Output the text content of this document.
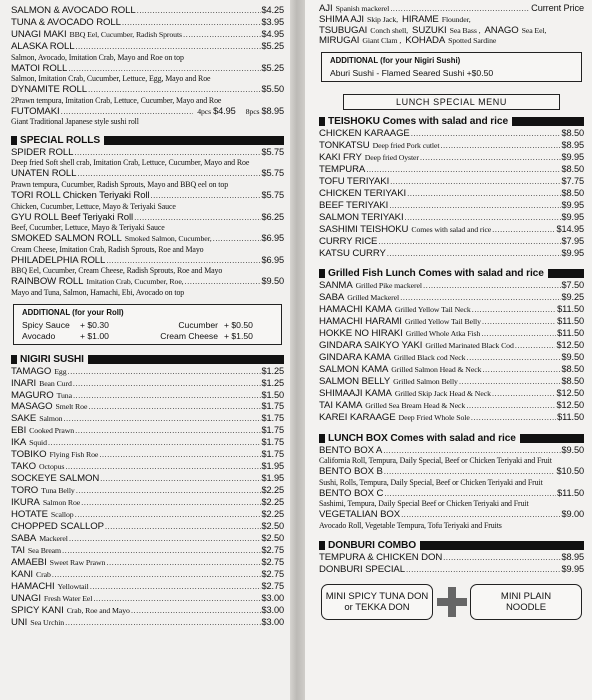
SALMON & AVOCADO ROLL .....	$4.25
TUNA & AVOCADO ROLL .....	$3.95
UNAGI MAKI BBQ Eel, Cucumber, Radish Sprouts .....	$4.95
ALASKA ROLL .....	$5.25
Salmon, Avocado, Imitation Crab, Mayo and Roe on top
MATOI ROLL .....	$5.25
Salmon, Imitation Crab, Cucumber, Lettuce, Egg, Mayo and Roe
DYNAMITE ROLL .....	$5.50
2Prawn tempura, Imitation Crab, Lettuce, Cucumber, Mayo and Roe
FUTOMAKI .....	4pcs $4.95 8pcs $8.95
Giant Traditional Japanese style sushi roll
SPECIAL ROLLS
SPIDER ROLL .....	$5.75
Deep fried Soft shell crab, Imitation Crab, Lettuce, Cucumber, Mayo and Roe
UNATEN ROLL .....	$5.75
Prawn tempura, Cucumber, Radish Sprouts, Mayo and BBQ eel on top
TORI ROLL Chicken Teriyaki Roll .....	$5.75
Chicken, Cucumber, Lettuce, Mayo & Teriyaki Sauce
GYU ROLL Beef Teriyaki Roll .....	$6.25
Beef, Cucumber, Lettuce, Mayo & Teriyaki Sauce
SMOKED SALMON ROLL Smoked Salmon, Cucumber, .....	$6.95
Cream Cheese, Imitation Crab, Radish Sprouts, Roe and Mayo
PHILADELPHIA ROLL .....	$6.95
BBQ Eel, Cucumber, Cream Cheese, Radish Sprouts, Roe and Mayo
RAINBOW ROLL Imitation Crab, Cucumber, Roe, .....	$9.50
Mayo and Tuna, Salmon, Hamachi, Ebi, Avocado on top
ADDITIONAL (for your Roll)
Spicy Sauce	+ $0.30	Cucumber + $0.50
Avocado	+ $1.00	Cream Cheese + $1.50
NIGIRI SUSHI
TAMAGO Egg .....	$1.25
INARI Bean Curd .....	$1.25
MAGURO Tuna .....	$1.50
MASAGO Smelt Roe .....	$1.75
SAKE Salmon .....	$1.75
EBI Cooked Prawn .....	$1.75
IKA Squid .....	$1.75
TOBIKO Flying Fish Roe .....	$1.75
TAKO Octopus .....	$1.95
SOCKEYE SALMON .....	$1.95
TORO Tuna Belly .....	$2.25
IKURA Salmon Roe .....	$2.25
HOTATE Scallop .....	$2.25
CHOPPED SCALLOP .....	$2.50
SABA Mackerel .....	$2.50
TAI Sea Bream .....	$2.75
AMAEBI Sweet Raw Prawn .....	$2.75
KANI Crab .....	$2.75
HAMACHI Yellowtail .....	$2.75
UNAGI Fresh Water Eel .....	$3.00
SPICY KANI Crab, Roe and Mayo .....	$3.00
UNI Sea Urchin .....	$3.00
AJI Spanish mackerel .....	Current Price
SHIMA AJI Skip Jack, HIRAME Flounder,
TSUBUGAI Conch shell, SUZUKI Sea Bass , ANAGO Sea Eel,
MIRUGAI Giant Clam , KOHADA Spotted Sardine
ADDITIONAL (for your Nigiri Sushi)
Aburi Sushi - Flamed Seared Sushi +$0.50
LUNCH SPECIAL MENU
TEISHOKU Comes with salad and rice
CHICKEN KARAAGE .....	$8.50
TONKATSU Deep fried Pork cutlet .....	$8.95
KAKI FRY Deep fried Oyster .....	$9.95
TEMPURA .....	$8.50
TOFU TERIYAKI .....	$7.75
CHICKEN TERIYAKI .....	$8.50
BEEF TERIYAKI .....	$9.95
SALMON TERIYAKI .....	$9.95
SASHIMI TEISHOKU Comes with salad and rice .....	$14.95
CURRY RICE .....	$7.95
KATSU CURRY .....	$9.95
Grilled Fish Lunch Comes with salad and rice
SANMA Grilled Pike mackerel .....	$7.50
SABA Grilled Mackerel .....	$9.25
HAMACHI KAMA Grilled Yellow Tail Neck .....	$11.50
HAMACHI HARAMI Grilled Yellow Tail Belly .....	$11.50
HOKKE NO HIRAKI Grilled Whole Atka Fish .....	$11.50
GINDARA SAIKYO YAKI Grilled Marinated Black Cod .....	$12.50
GINDARA KAMA Grilled Black cod Neck .....	$9.50
SALMON KAMA Grilled Salmon Head & Neck .....	$8.50
SALMON BELLY Grilled Salmon Belly .....	$8.50
SHIMAAJI KAMA Grilled Skip Jack Head & Neck .....	$12.50
TAI KAMA Grilled Sea Bream Head & Neck .....	$12.50
KAREI KARAAGE Deep Fried Whole Sole .....	$11.50
LUNCH BOX Comes with salad and rice
BENTO BOX A .....	$9.50
California Roll, Tempura, Daily Special, Beef or Chicken Teriyaki and Fruit
BENTO BOX B .....	$10.50
Sushi, Rolls, Tempura, Daily Special, Beef or Chicken Teriyaki and Fruit
BENTO BOX C .....	$11.50
Sashimi, Tempura, Daily Special Beef or Chicken Teriyaki and Fruit
VEGETALIAN BOX .....	$9.00
Avocado Roll, Vegetable Tempura, Tofu Teriyaki and Fruits
DONBURI COMBO
TEMPURA & CHICKEN DON .....	$8.95
DONBURI SPECIAL .....	$9.95
MINI SPICY TUNA DON
or TEKKA DON
MINI PLAIN
NOODLE
